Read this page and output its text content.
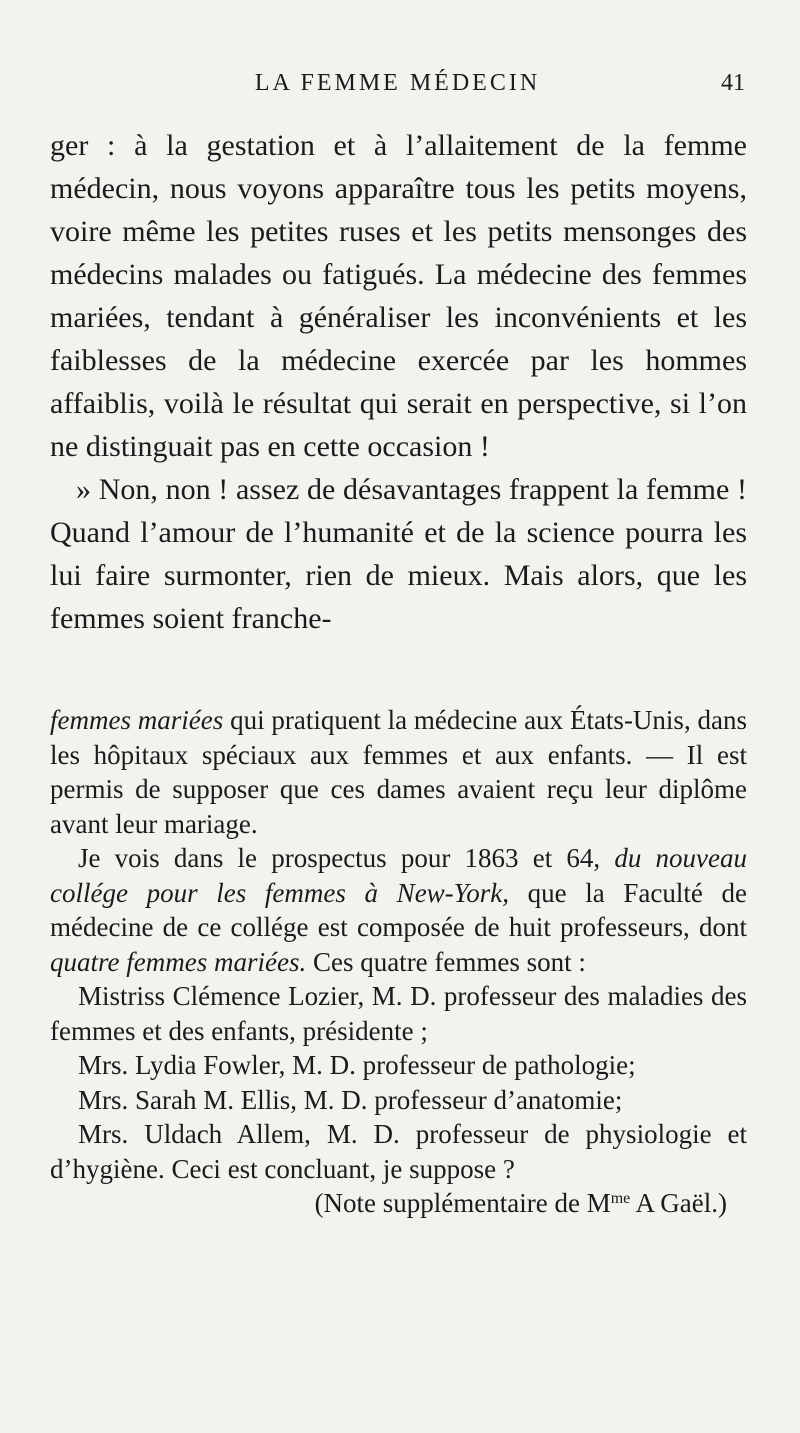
LA FEMME MÉDECIN	41

ger : à la gestation et à l’allaitement de la femme médecin, nous voyons apparaître tous les petits moyens, voire même les petites ruses et les petits mensonges des médecins malades ou fatigués. La médecine des femmes mariées, tendant à généraliser les inconvénients et les faiblesses de la médecine exercée par les hommes affaiblis, voilà le résultat qui serait en perspective, si l’on ne distinguait pas en cette occasion !

» Non, non ! assez de désavantages frappent la femme ! Quand l’amour de l’humanité et de la science pourra les lui faire surmonter, rien de mieux. Mais alors, que les femmes soient franche-

femmes mariées qui pratiquent la médecine aux États-Unis, dans les hôpitaux spéciaux aux femmes et aux enfants. — Il est permis de supposer que ces dames avaient reçu leur diplôme avant leur mariage.

Je vois dans le prospectus pour 1863 et 64, du nouveau collége pour les femmes à New-York, que la Faculté de médecine de ce collége est composée de huit professeurs, dont quatre femmes mariées. Ces quatre femmes sont :

Mistriss Clémence Lozier, M. D. professeur des maladies des femmes et des enfants, présidente ;

Mrs. Lydia Fowler, M. D. professeur de pathologie;

Mrs. Sarah M. Ellis, M. D. professeur d’anatomie;

Mrs. Uldach Allem, M. D. professeur de physiologie et d’hygiène. Ceci est concluant, je suppose ?

(Note supplémentaire de $M^{me}$ A Gaël.)
